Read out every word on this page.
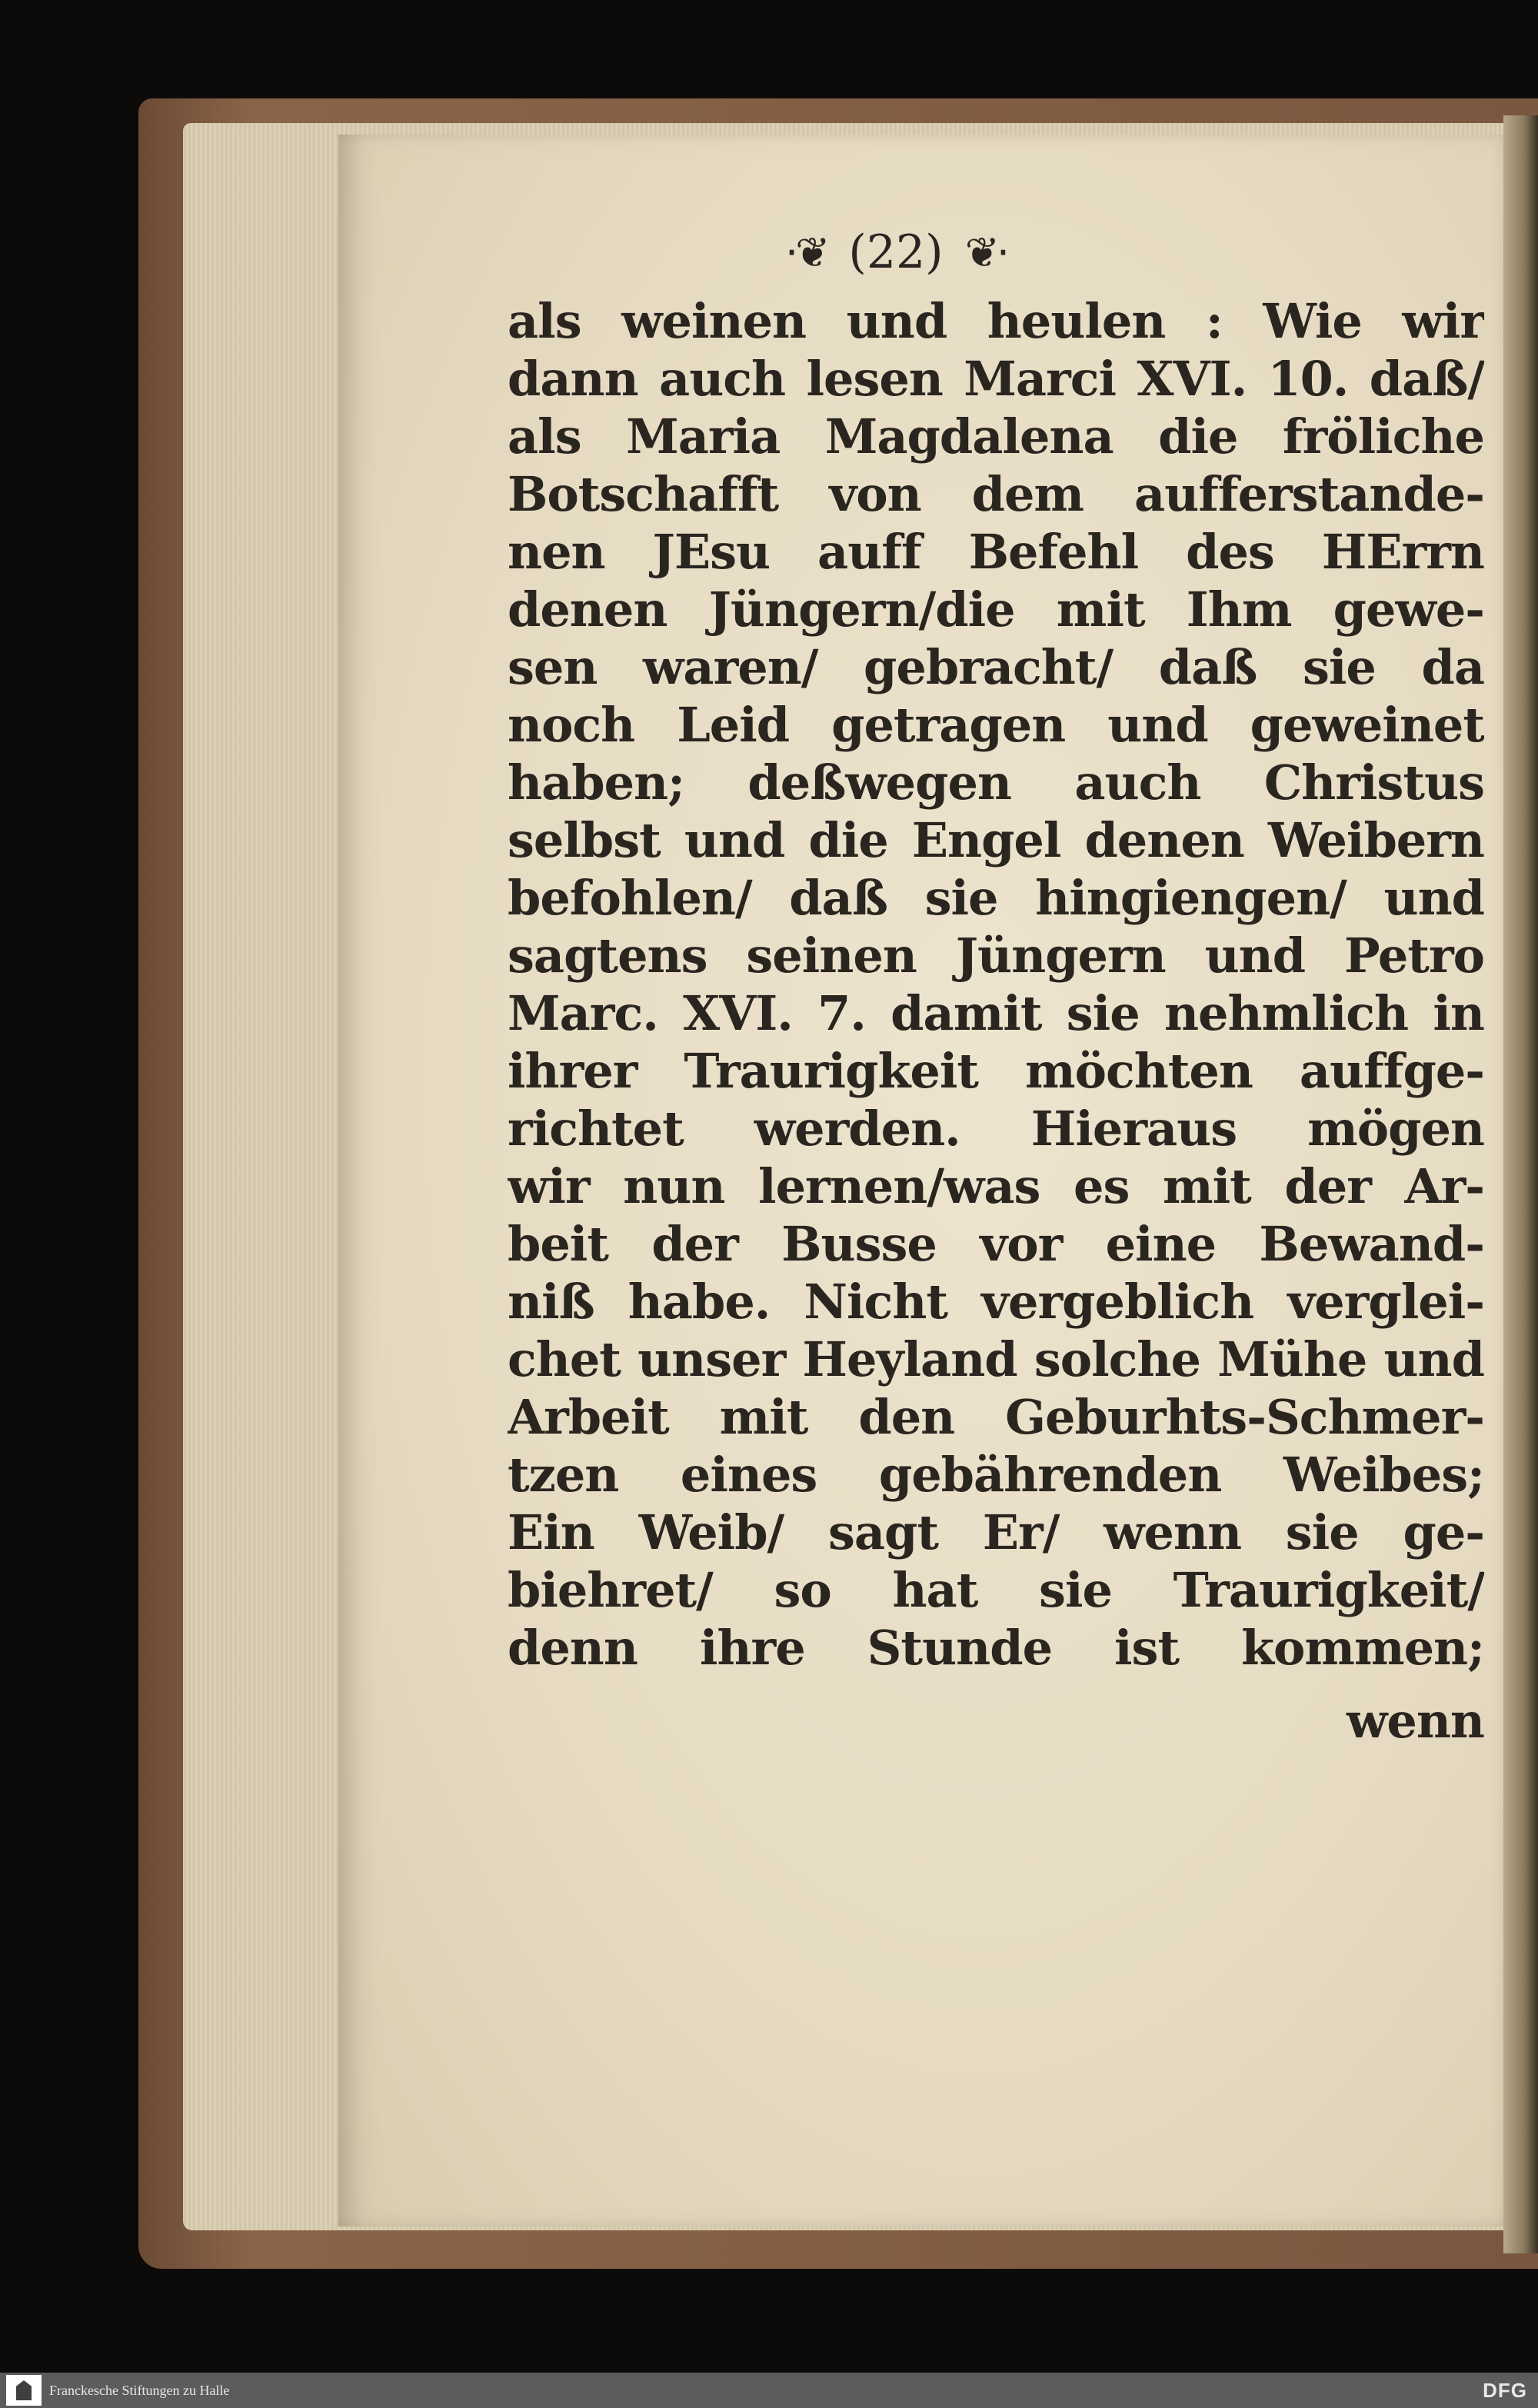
·❦ (22) ❦·
als weinen und heulen : Wie wir
dann auch lesen Marci XVI. 10. daß/
als Maria Magdalena die fröliche
Botschafft von dem aufferstande-
nen JEsu auff Befehl des HErrn
denen Jüngern/die mit Ihm gewe-
sen waren/ gebracht/ daß sie da
noch Leid getragen und geweinet
haben; deßwegen auch Christus
selbst und die Engel denen Weibern
befohlen/ daß sie hingiengen/ und
sagtens seinen Jüngern und Petro
Marc. XVI. 7. damit sie nehmlich in
ihrer Traurigkeit möchten auffge-
richtet werden. Hieraus mögen
wir nun lernen/was es mit der Ar-
beit der Busse vor eine Bewand-
niß habe. Nicht vergeblich verglei-
chet unser Heyland solche Mühe und
Arbeit mit den Geburhts-Schmer-
tzen eines gebährenden Weibes;
Ein Weib/ sagt Er/ wenn sie ge-
biehret/ so hat sie Traurigkeit/
denn ihre Stunde ist kommen;
wenn
Franckesche Stiftungen zu Halle	DFG
